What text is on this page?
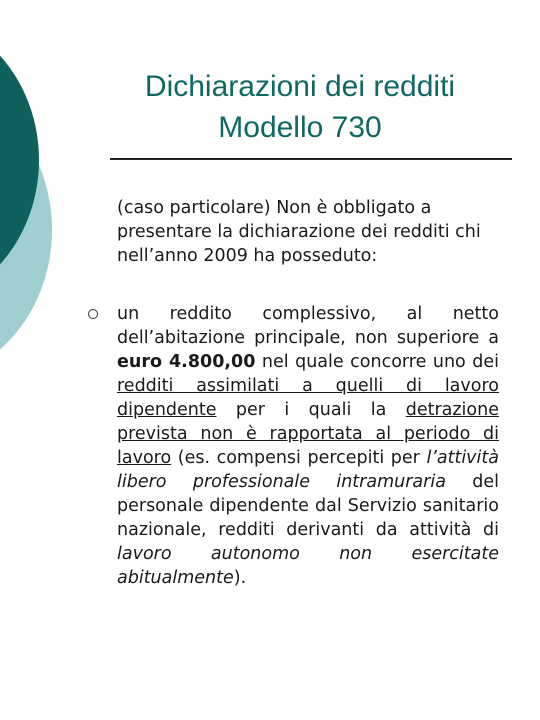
Dichiarazioni dei redditi
Modello 730
(caso particolare) Non è obbligato a presentare la dichiarazione dei redditi chi nell’anno 2009 ha posseduto:
un reddito complessivo, al netto dell’abitazione principale, non superiore a euro 4.800,00 nel quale concorre uno dei redditi assimilati a quelli di lavoro dipendente per i quali la detrazione prevista non è rapportata al periodo di lavoro (es. compensi percepiti per l’attività libero professionale intramuraria del personale dipendente dal Servizio sanitario nazionale, redditi derivanti da attività di lavoro autonomo non esercitate abitualmente).
